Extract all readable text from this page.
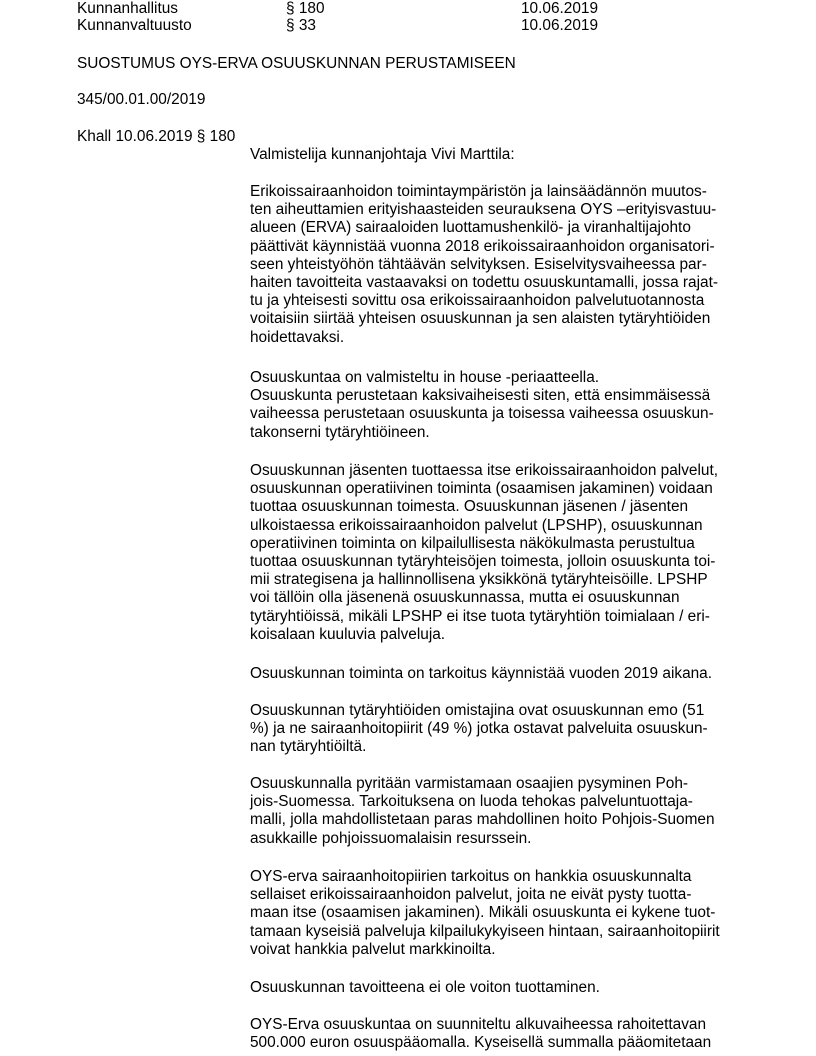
Kunnanhallitus	§ 180	10.06.2019
Kunnanvaltuusto	§ 33	10.06.2019
SUOSTUMUS OYS-ERVA OSUUSKUNNAN PERUSTAMISEEN
345/00.01.00/2019
Khall 10.06.2019 § 180
Valmistelija kunnanjohtaja Vivi Marttila:
Erikoissairaanhoidon toimintaympäristön ja lainsäädännön muutos-
ten aiheuttamien erityishaasteiden seurauksena OYS –erityisvastuu-
alueen (ERVA) sairaaloiden luottamushenkilö- ja viranhaltijajohto
päättivät käynnistää vuonna 2018 erikoissairaanhoidon organisatori-
seen yhteistyöhön tähtäävän selvityksen. Esiselvitysvaiheessa par-
haiten tavoitteita vastaavaksi on todettu osuuskuntamalli, jossa rajat-
tu ja yhteisesti sovittu osa erikoissairaanhoidon palvelutuotannosta
voitaisiin siirtää yhteisen osuuskunnan ja sen alaisten tytäryhtiöiden
hoidettavaksi.
Osuuskuntaa on valmisteltu in house -periaatteella.
Osuuskunta perustetaan kaksivaiheisesti siten, että ensimmäisessä
vaiheessa perustetaan osuuskunta ja toisessa vaiheessa osuuskun-
takonserni tytäryhtiöineen.
Osuuskunnan jäsenten tuottaessa itse erikoissairaanhoidon palvelut,
osuuskunnan operatiivinen toiminta (osaamisen jakaminen) voidaan
tuottaa osuuskunnan toimesta. Osuuskunnan jäsenen / jäsenten
ulkoistaessa erikoissairaanhoidon palvelut (LPSHP), osuuskunnan
operatiivinen toiminta on kilpailullisesta näkökulmasta perustultua
tuottaa osuuskunnan tytäryhteisöjen toimesta, jolloin osuuskunta toi-
mii strategisena ja hallinnollisena yksikkönä tytäryhteisöille. LPSHP
voi tällöin olla jäsenenä osuuskunnassa, mutta ei osuuskunnan
tytäryhtiöissä, mikäli LPSHP ei itse tuota tytäryhtiön toimialaan / eri-
koisalaan kuuluvia palveluja.
Osuuskunnan toiminta on tarkoitus käynnistää vuoden 2019 aikana.
Osuuskunnan tytäryhtiöiden omistajina ovat osuuskunnan emo (51
%) ja ne sairaanhoitopiirit (49 %) jotka ostavat palveluita osuuskun-
nan tytäryhtiöiltä.
Osuuskunnalla pyritään varmistamaan osaajien pysyminen Poh-
jois-Suomessa. Tarkoituksena on luoda tehokas palveluntuottaja-
malli, jolla mahdollistetaan paras mahdollinen hoito Pohjois-Suomen
asukkaille pohjoissuomalaisin resurssein.
OYS-erva sairaanhoitopiirien tarkoitus on hankkia osuuskunnalta
sellaiset erikoissairaanhoidon palvelut, joita ne eivät pysty tuotta-
maan itse (osaamisen jakaminen). Mikäli osuuskunta ei kykene tuot-
tamaan kyseisiä palveluja kilpailukykyiseen hintaan, sairaanhoitopiirit
voivat hankkia palvelut markkinoilta.
Osuuskunnan tavoitteena ei ole voiton tuottaminen.
OYS-Erva osuuskuntaa on suunniteltu alkuvaiheessa rahoitettavan
500.000 euron osuuspääomalla. Kyseisellä summalla pääomitetaan
